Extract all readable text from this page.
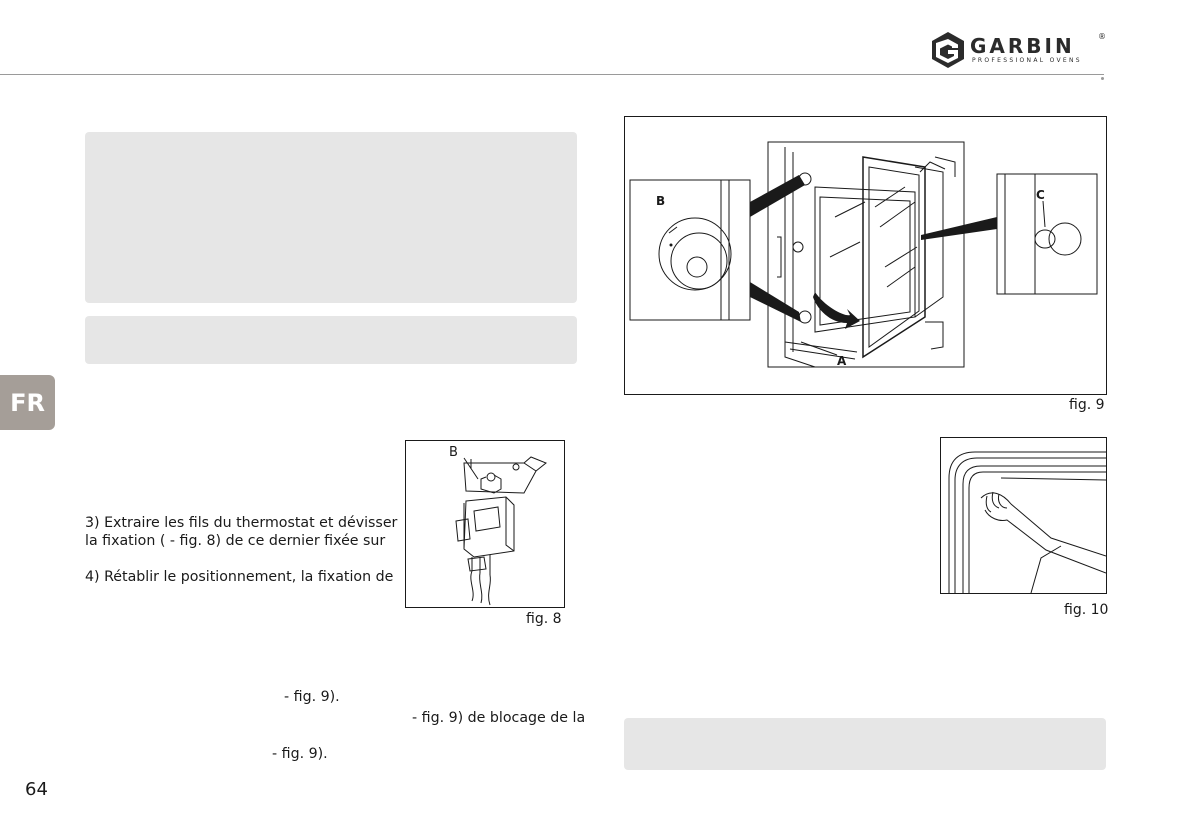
GARBIN	®
PROFESSIONAL OVENS
FR
3) Extraire les fils du thermostat et dévisser
la fixation ( - fig. 8) de ce dernier fixée sur
4) Rétablir le positionnement, la fixation de
- fig. 9).
- fig. 9) de blocage de la
- fig. 9).
B
fig. 8
B	C
A
fig. 9
fig. 10
64
